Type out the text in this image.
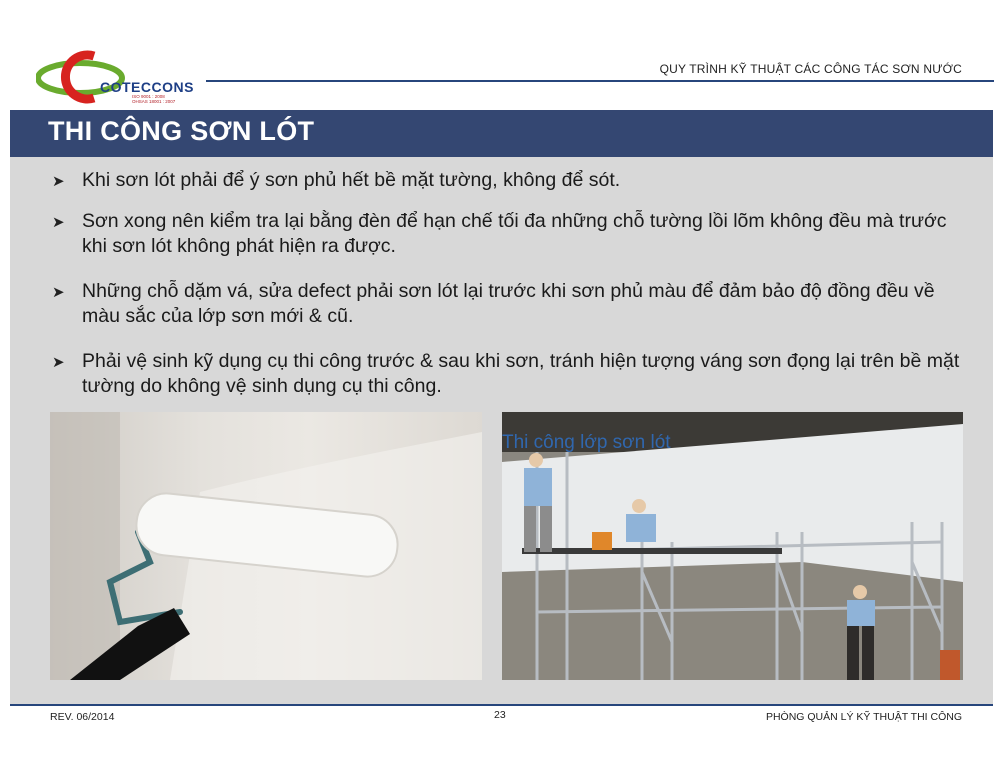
COTECCONS
ISO 9001 : 2008
OHSAS 18001 : 2007
QUY TRÌNH KỸ THUẬT CÁC CÔNG TÁC SƠN NƯỚC
THI CÔNG SƠN LÓT
➤ Khi sơn lót phải để ý sơn phủ hết bề mặt tường, không để sót.
➤ Sơn xong nên kiểm tra lại bằng đèn để hạn chế tối đa những chỗ tường lồi lõm không đều mà trước khi sơn lót không phát hiện ra được.
➤ Những chỗ dặm vá, sửa defect phải sơn lót lại trước khi sơn phủ màu để đảm bảo độ đồng đều về màu sắc của lớp sơn mới & cũ.
➤ Phải vệ sinh kỹ dụng cụ thi công trước & sau khi sơn, tránh hiện tượng váng sơn đọng lại trên bề mặt tường do không vệ sinh dụng cụ thi công.
Thi công lớp sơn lót
REV. 06/2014	23	PHÒNG QUẢN LÝ KỸ THUẬT THI CÔNG
